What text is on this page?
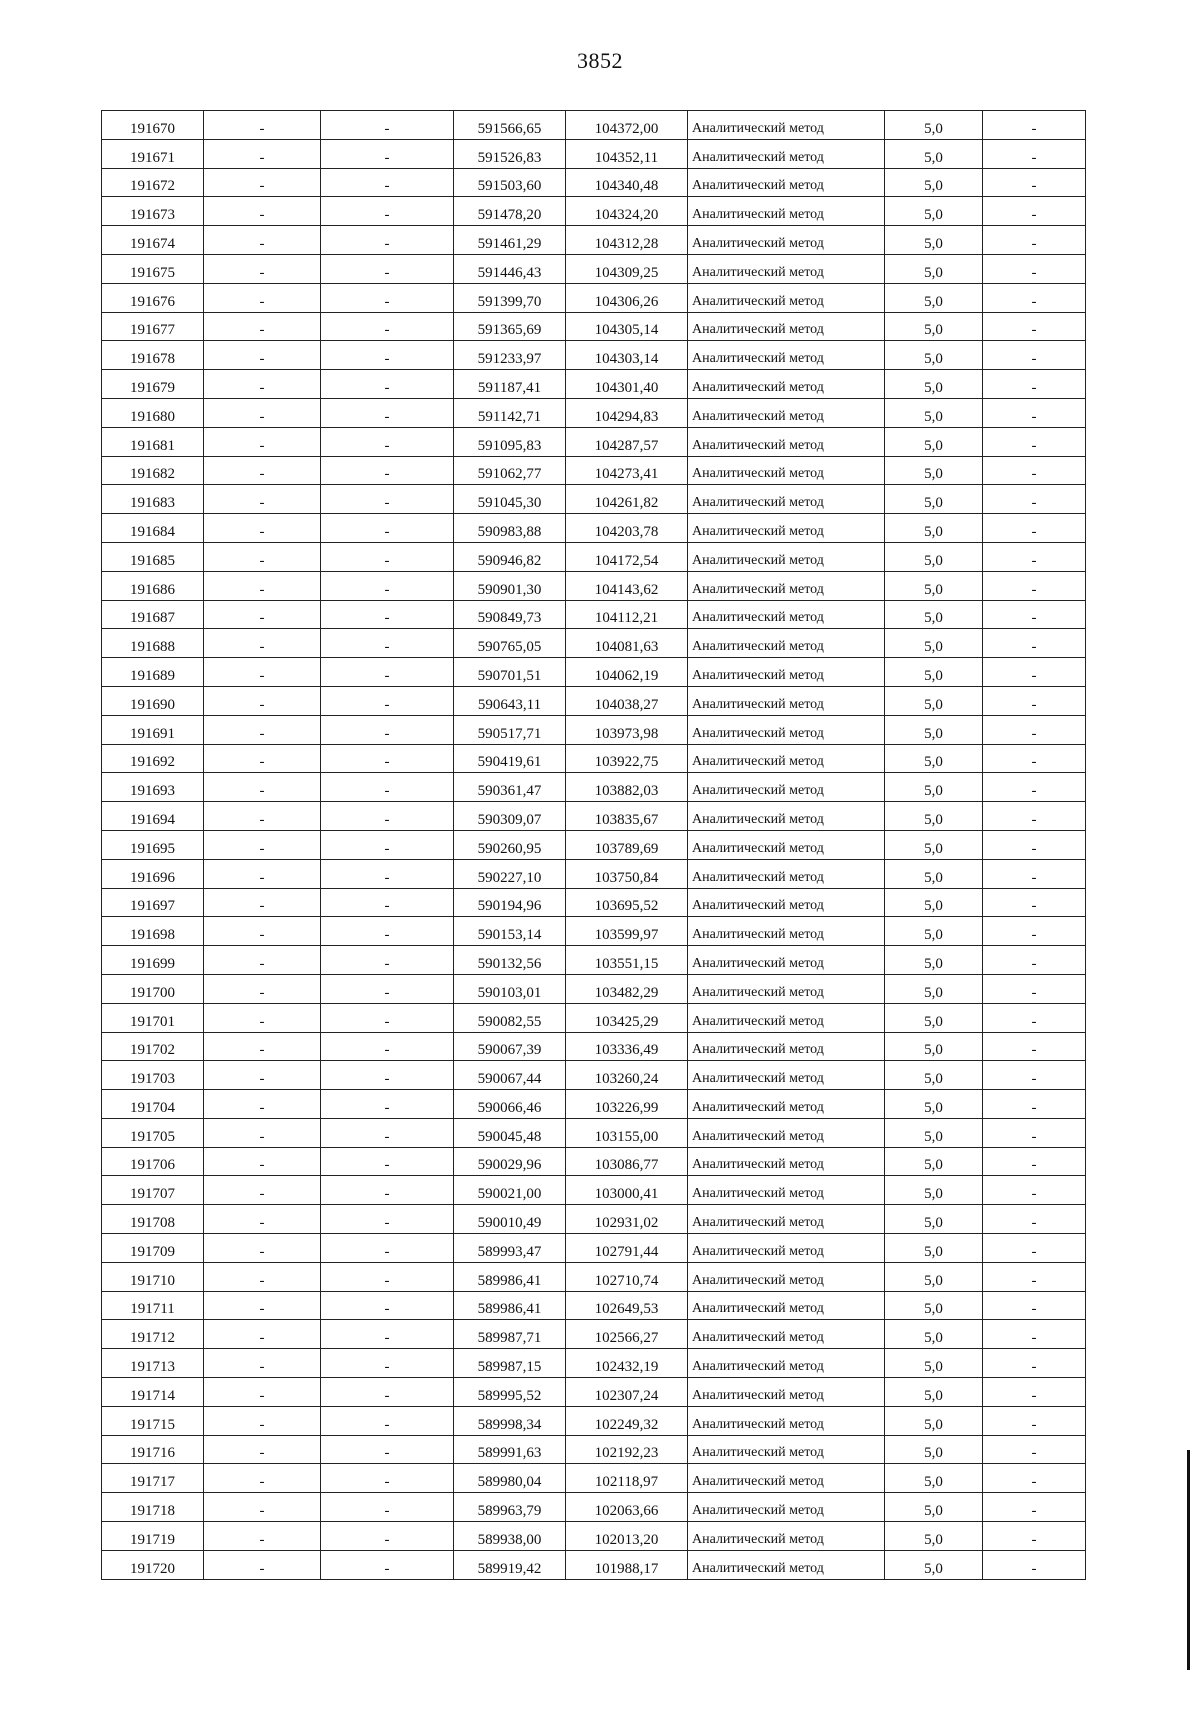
3852
191670	-	-	591566,65	104372,00	Аналитический метод	5,0	-
191671	-	-	591526,83	104352,11	Аналитический метод	5,0	-
191672	-	-	591503,60	104340,48	Аналитический метод	5,0	-
191673	-	-	591478,20	104324,20	Аналитический метод	5,0	-
191674	-	-	591461,29	104312,28	Аналитический метод	5,0	-
191675	-	-	591446,43	104309,25	Аналитический метод	5,0	-
191676	-	-	591399,70	104306,26	Аналитический метод	5,0	-
191677	-	-	591365,69	104305,14	Аналитический метод	5,0	-
191678	-	-	591233,97	104303,14	Аналитический метод	5,0	-
191679	-	-	591187,41	104301,40	Аналитический метод	5,0	-
191680	-	-	591142,71	104294,83	Аналитический метод	5,0	-
191681	-	-	591095,83	104287,57	Аналитический метод	5,0	-
191682	-	-	591062,77	104273,41	Аналитический метод	5,0	-
191683	-	-	591045,30	104261,82	Аналитический метод	5,0	-
191684	-	-	590983,88	104203,78	Аналитический метод	5,0	-
191685	-	-	590946,82	104172,54	Аналитический метод	5,0	-
191686	-	-	590901,30	104143,62	Аналитический метод	5,0	-
191687	-	-	590849,73	104112,21	Аналитический метод	5,0	-
191688	-	-	590765,05	104081,63	Аналитический метод	5,0	-
191689	-	-	590701,51	104062,19	Аналитический метод	5,0	-
191690	-	-	590643,11	104038,27	Аналитический метод	5,0	-
191691	-	-	590517,71	103973,98	Аналитический метод	5,0	-
191692	-	-	590419,61	103922,75	Аналитический метод	5,0	-
191693	-	-	590361,47	103882,03	Аналитический метод	5,0	-
191694	-	-	590309,07	103835,67	Аналитический метод	5,0	-
191695	-	-	590260,95	103789,69	Аналитический метод	5,0	-
191696	-	-	590227,10	103750,84	Аналитический метод	5,0	-
191697	-	-	590194,96	103695,52	Аналитический метод	5,0	-
191698	-	-	590153,14	103599,97	Аналитический метод	5,0	-
191699	-	-	590132,56	103551,15	Аналитический метод	5,0	-
191700	-	-	590103,01	103482,29	Аналитический метод	5,0	-
191701	-	-	590082,55	103425,29	Аналитический метод	5,0	-
191702	-	-	590067,39	103336,49	Аналитический метод	5,0	-
191703	-	-	590067,44	103260,24	Аналитический метод	5,0	-
191704	-	-	590066,46	103226,99	Аналитический метод	5,0	-
191705	-	-	590045,48	103155,00	Аналитический метод	5,0	-
191706	-	-	590029,96	103086,77	Аналитический метод	5,0	-
191707	-	-	590021,00	103000,41	Аналитический метод	5,0	-
191708	-	-	590010,49	102931,02	Аналитический метод	5,0	-
191709	-	-	589993,47	102791,44	Аналитический метод	5,0	-
191710	-	-	589986,41	102710,74	Аналитический метод	5,0	-
191711	-	-	589986,41	102649,53	Аналитический метод	5,0	-
191712	-	-	589987,71	102566,27	Аналитический метод	5,0	-
191713	-	-	589987,15	102432,19	Аналитический метод	5,0	-
191714	-	-	589995,52	102307,24	Аналитический метод	5,0	-
191715	-	-	589998,34	102249,32	Аналитический метод	5,0	-
191716	-	-	589991,63	102192,23	Аналитический метод	5,0	-
191717	-	-	589980,04	102118,97	Аналитический метод	5,0	-
191718	-	-	589963,79	102063,66	Аналитический метод	5,0	-
191719	-	-	589938,00	102013,20	Аналитический метод	5,0	-
191720	-	-	589919,42	101988,17	Аналитический метод	5,0	-
